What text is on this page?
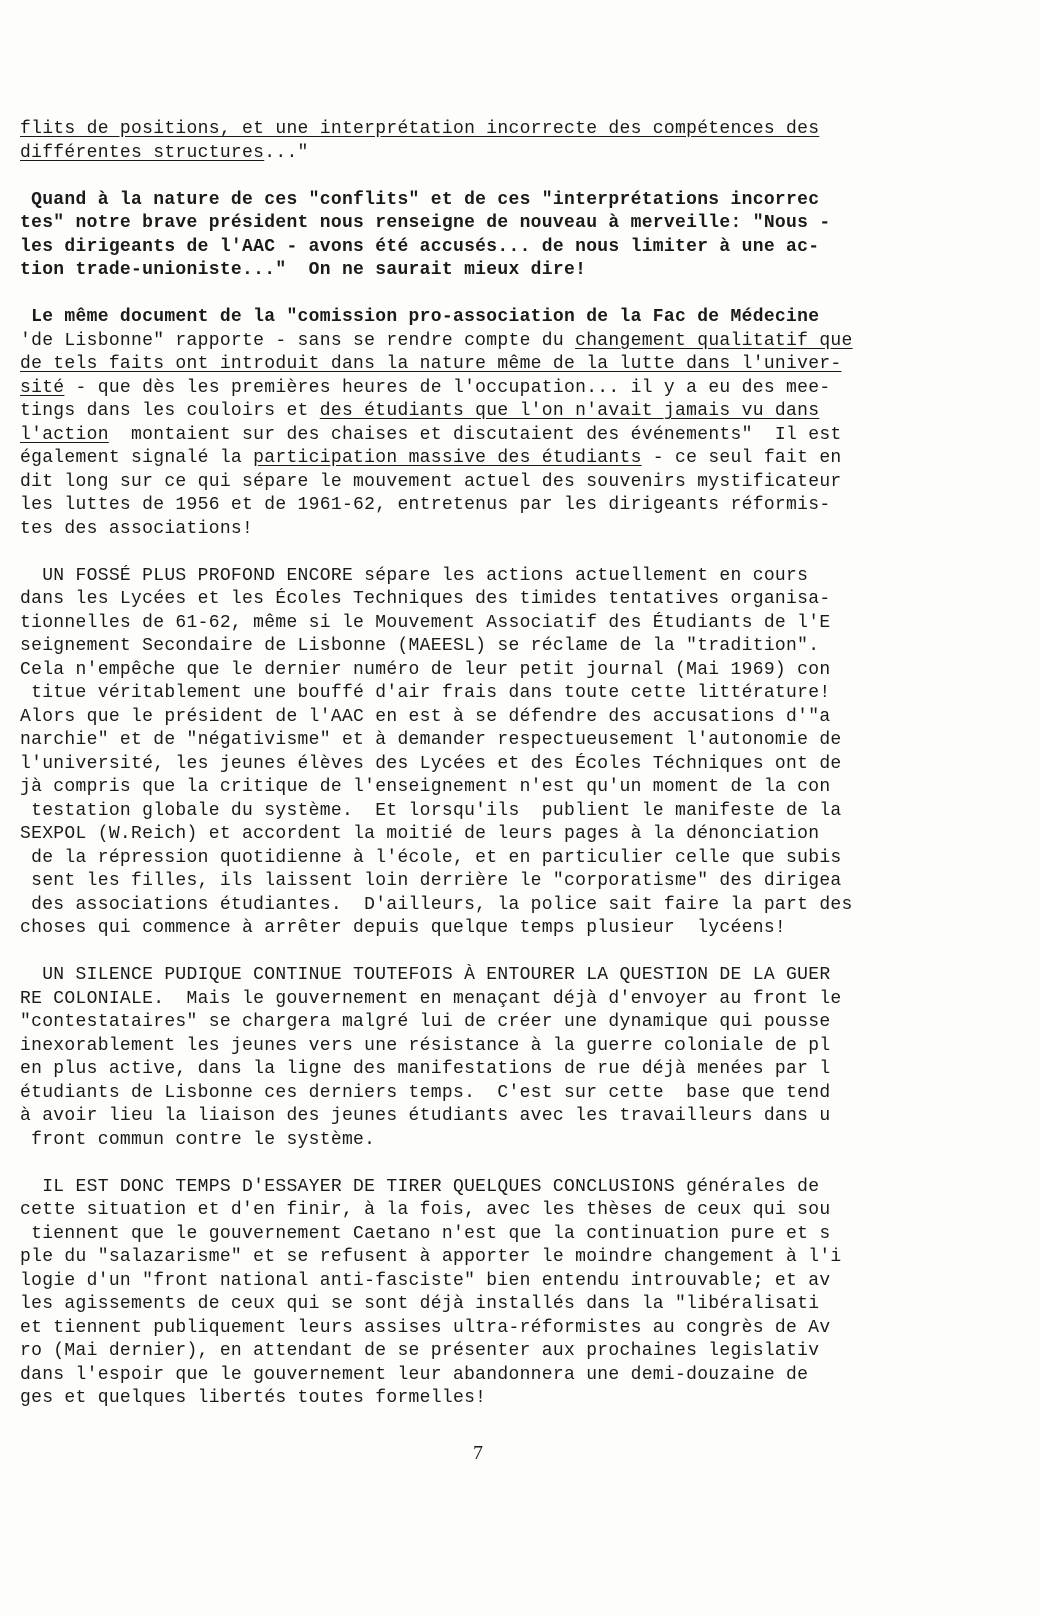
flits de positions, et une interprétation incorrecte des compétences des
différentes structures..."
Quand à la nature de ces "conflits" et de ces "interprétations incorrec
tes" notre brave président nous renseigne de nouveau à merveille: "Nous -
les dirigeants de l'AAC - avons été accusés... de nous limiter à une ac-
tion trade-unioniste..."  On ne saurait mieux dire!
Le même document de la "comission pro-association de la Fac de Médecine
'de Lisbonne" rapporte - sans se rendre compte du changement qualitatif que
de tels faits ont introduit dans la nature même de la lutte dans l'univer-
sité - que dès les premières heures de l'occupation... il y a eu des mee-
tings dans les couloirs et des étudiants que l'on n'avait jamais vu dans
l'action  montaient sur des chaises et discutaient des événements"  Il est
également signalé la participation massive des étudiants - ce seul fait en
dit long sur ce qui sépare le mouvement actuel des souvenirs mystificateur
les luttes de 1956 et de 1961-62, entretenus par les dirigeants réformis-
tes des associations!
UN FOSSÉ PLUS PROFOND ENCORE sépare les actions actuellement en cours
dans les Lycées et les Écoles Techniques des timides tentatives organisa-
tionnelles de 61-62, même si le Mouvement Associatif des Étudiants de l'E
seignement Secondaire de Lisbonne (MAEESL) se réclame de la "tradition".
Cela n'empêche que le dernier numéro de leur petit journal (Mai 1969) con
titue véritablement une bouffé d'air frais dans toute cette littérature!
Alors que le président de l'AAC en est à se défendre des accusations d'"a
narchie" et de "négativisme" et à demander respectueusement l'autonomie de
l'université, les jeunes élèves des Lycées et des Écoles Téchniques ont de
jà compris que la critique de l'enseignement n'est qu'un moment de la con
testation globale du système.  Et lorsqu'ils  publient le manifeste de la
SEXPOL (W.Reich) et accordent la moitié de leurs pages à la dénonciation
de la répression quotidienne à l'école, et en particulier celle que subis
sent les filles, ils laissent loin derrière le "corporatisme" des dirigea
des associations étudiantes.  D'ailleurs, la police sait faire la part des
choses qui commence à arrêter depuis quelque temps plusieur  lycéens!
UN SILENCE PUDIQUE CONTINUE TOUTEFOIS À ENTOURER LA QUESTION DE LA GUER
RE COLONIALE.  Mais le gouvernement en menaçant déjà d'envoyer au front le
"contestataires" se chargera malgré lui de créer une dynamique qui pousse
inexorablement les jeunes vers une résistance à la guerre coloniale de pl
en plus active, dans la ligne des manifestations de rue déjà menées par l
étudiants de Lisbonne ces derniers temps.  C'est sur cette  base que tend
à avoir lieu la liaison des jeunes étudiants avec les travailleurs dans u
front commun contre le système.
IL EST DONC TEMPS D'ESSAYER DE TIRER QUELQUES CONCLUSIONS générales de
cette situation et d'en finir, à la fois, avec les thèses de ceux qui sou
tiennent que le gouvernement Caetano n'est que la continuation pure et s
ple du "salazarisme" et se refusent à apporter le moindre changement à l'i
logie d'un "front national anti-fasciste" bien entendu introuvable; et av
les agissements de ceux qui se sont déjà installés dans la "libéralisati
et tiennent publiquement leurs assises ultra-réformistes au congrès de Av
ro (Mai dernier), en attendant de se présenter aux prochaines legislativ
dans l'espoir que le gouvernement leur abandonnera une demi-douzaine de
ges et quelques libertés toutes formelles!
7
